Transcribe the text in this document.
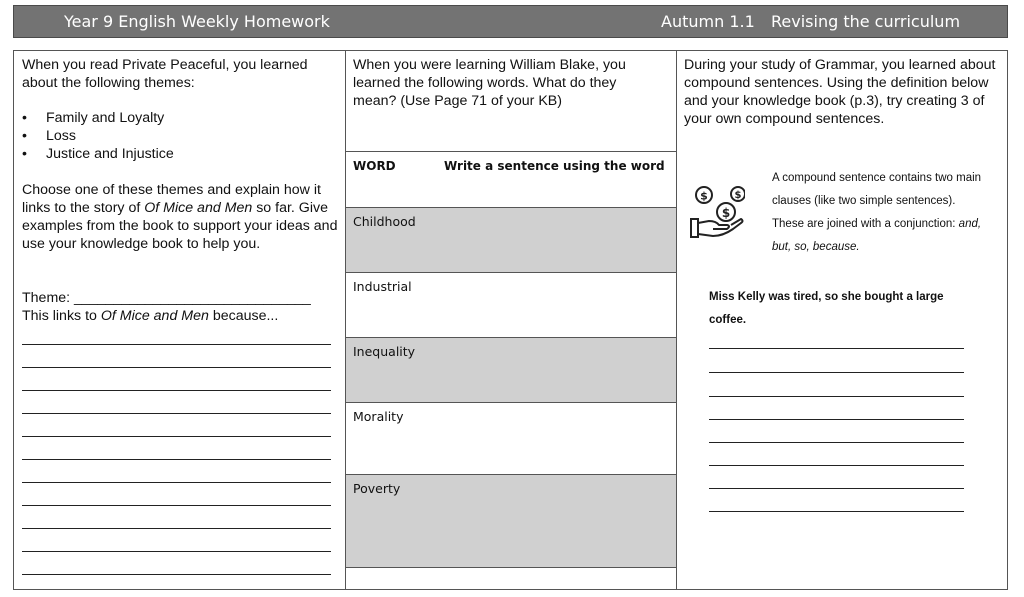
Year 9 English Weekly Homework	Autumn 1.1 Revising the curriculum

When you read Private Peaceful, you learned about the following themes:

• Family and Loyalty
• Loss
• Justice and Injustice

Choose one of these themes and explain how it links to the story of Of Mice and Men so far. Give examples from the book to support your ideas and use your knowledge book to help you.

Theme: ______________________________

This links to Of Mice and Men because...

When you were learning William Blake, you learned the following words. What do they mean? (Use Page 71 of your KB)

WORD	Write a sentence using the word
Childhood
Industrial
Inequality
Morality
Poverty

During your study of Grammar, you learned about compound sentences. Using the definition below and your knowledge book (p.3), try creating 3 of your own compound sentences.

$	$
$

A compound sentence contains two main clauses (like two simple sentences). These are joined with a conjunction: and, but, so, because.

Miss Kelly was tired, so she bought a large coffee.
